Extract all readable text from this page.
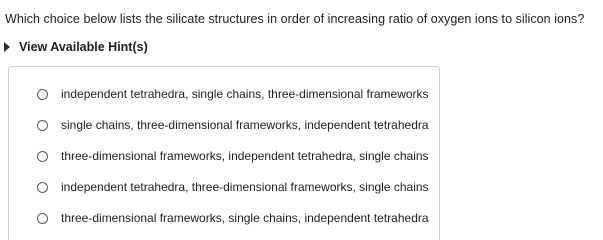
Which choice below lists the silicate structures in order of increasing ratio of oxygen ions to silicon ions?
View Available Hint(s)
independent tetrahedra, single chains, three-dimensional frameworks
single chains, three-dimensional frameworks, independent tetrahedra
three-dimensional frameworks, independent tetrahedra, single chains
independent tetrahedra, three-dimensional frameworks, single chains
three-dimensional frameworks, single chains, independent tetrahedra
